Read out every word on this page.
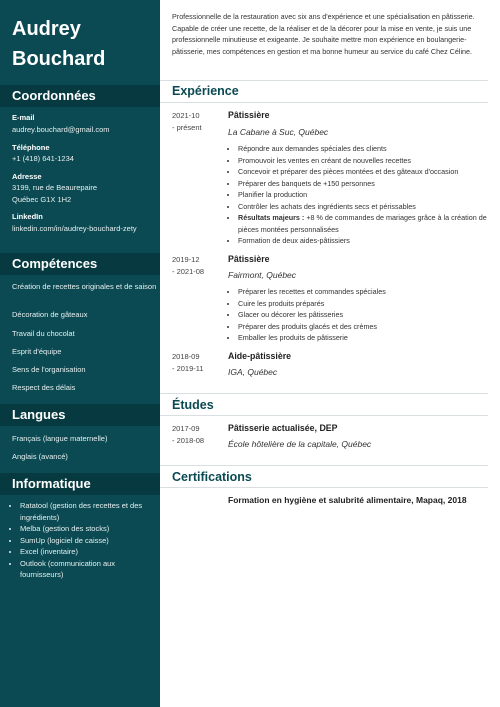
Audrey
Bouchard
Coordonnées
E-mail
audrey.bouchard@gmail.com
Téléphone
+1 (418) 641-1234
Adresse
3199, rue de Beaurepaire
Québec G1X 1H2
LinkedIn
linkedin.com/in/audrey-bouchard-zety
Compétences
Création de recettes originales et de saison
Décoration de gâteaux
Travail du chocolat
Esprit d'équipe
Sens de l'organisation
Respect des délais
Langues
Français (langue maternelle)
Anglais (avancé)
Informatique
• Ratatool (gestion des recettes et des ingrédients)
• Melba (gestion des stocks)
• SumUp (logiciel de caisse)
• Excel (inventaire)
• Outlook (communication aux fournisseurs)
Professionnelle de la restauration avec six ans d'expérience et une spécialisation en pâtisserie. Capable de créer une recette, de la réaliser et de la décorer pour la mise en vente, je suis une professionnelle minutieuse et exigeante. Je souhaite mettre mon expérience en boulangerie-pâtisserie, mes compétences en gestion et ma bonne humeur au service du café Chez Céline.
Expérience
2021-10
- présent
Pâtissière
La Cabane à Suc, Québec
• Répondre aux demandes spéciales des clients
• Promouvoir les ventes en créant de nouvelles recettes
• Concevoir et préparer des pièces montées et des gâteaux d'occasion
• Préparer des banquets de +150 personnes
• Planifier la production
• Contrôler les achats des ingrédients secs et périssables
• Résultats majeurs : +8 % de commandes de mariages grâce à la création de pièces montées personnalisées
• Formation de deux aides-pâtissiers
2019-12
- 2021-08
Pâtissière
Fairmont, Québec
• Préparer les recettes et commandes spéciales
• Cuire les produits préparés
• Glacer ou décorer les pâtisseries
• Préparer des produits glacés et des crèmes
• Emballer les produits de pâtisserie
2018-09
- 2019-11
Aide-pâtissière
IGA, Québec
Études
2017-09
- 2018-08
Pâtisserie actualisée, DEP
École hôtelière de la capitale, Québec
Certifications
Formation en hygiène et salubrité alimentaire, Mapaq, 2018
